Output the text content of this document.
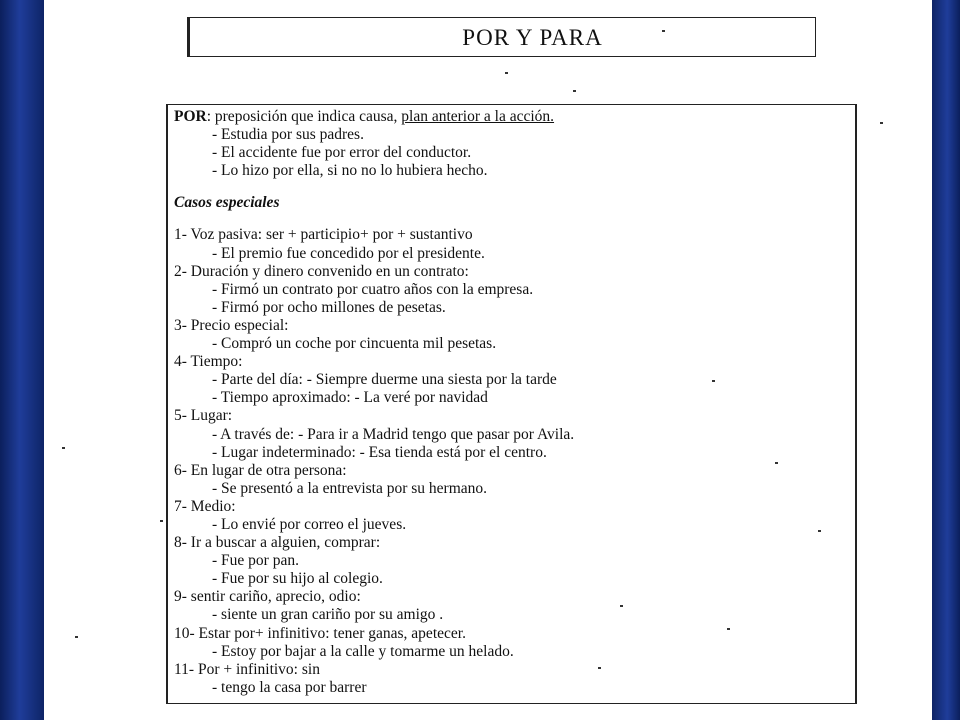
POR Y PARA
POR: preposición que indica causa, plan anterior a la acción.
- Estudia por sus padres.
- El accidente fue por error del conductor.
- Lo hizo por ella, si no no lo hubiera hecho.
Casos especiales
1- Voz pasiva: ser + participio+ por + sustantivo
- El premio fue concedido por el presidente.
2- Duración y dinero convenido en un contrato:
- Firmó un contrato por cuatro años con la empresa.
- Firmó por ocho millones de pesetas.
3- Precio especial:
- Compró un coche por cincuenta mil pesetas.
4- Tiempo:
- Parte del día: - Siempre duerme una siesta por la tarde
- Tiempo aproximado: - La veré por navidad
5- Lugar:
- A través de: - Para ir a Madrid tengo que pasar por Avila.
- Lugar indeterminado: - Esa tienda está por el centro.
6- En lugar de otra persona:
- Se presentó a la entrevista por su hermano.
7- Medio:
- Lo envié por correo el jueves.
8- Ir a buscar a alguien, comprar:
- Fue por pan.
- Fue por su hijo al colegio.
9- sentir cariño, aprecio, odio:
- siente un gran cariño por su amigo .
10- Estar por+ infinitivo: tener ganas, apetecer.
- Estoy por bajar a la calle y tomarme un helado.
11- Por + infinitivo: sin
- tengo la casa por barrer
